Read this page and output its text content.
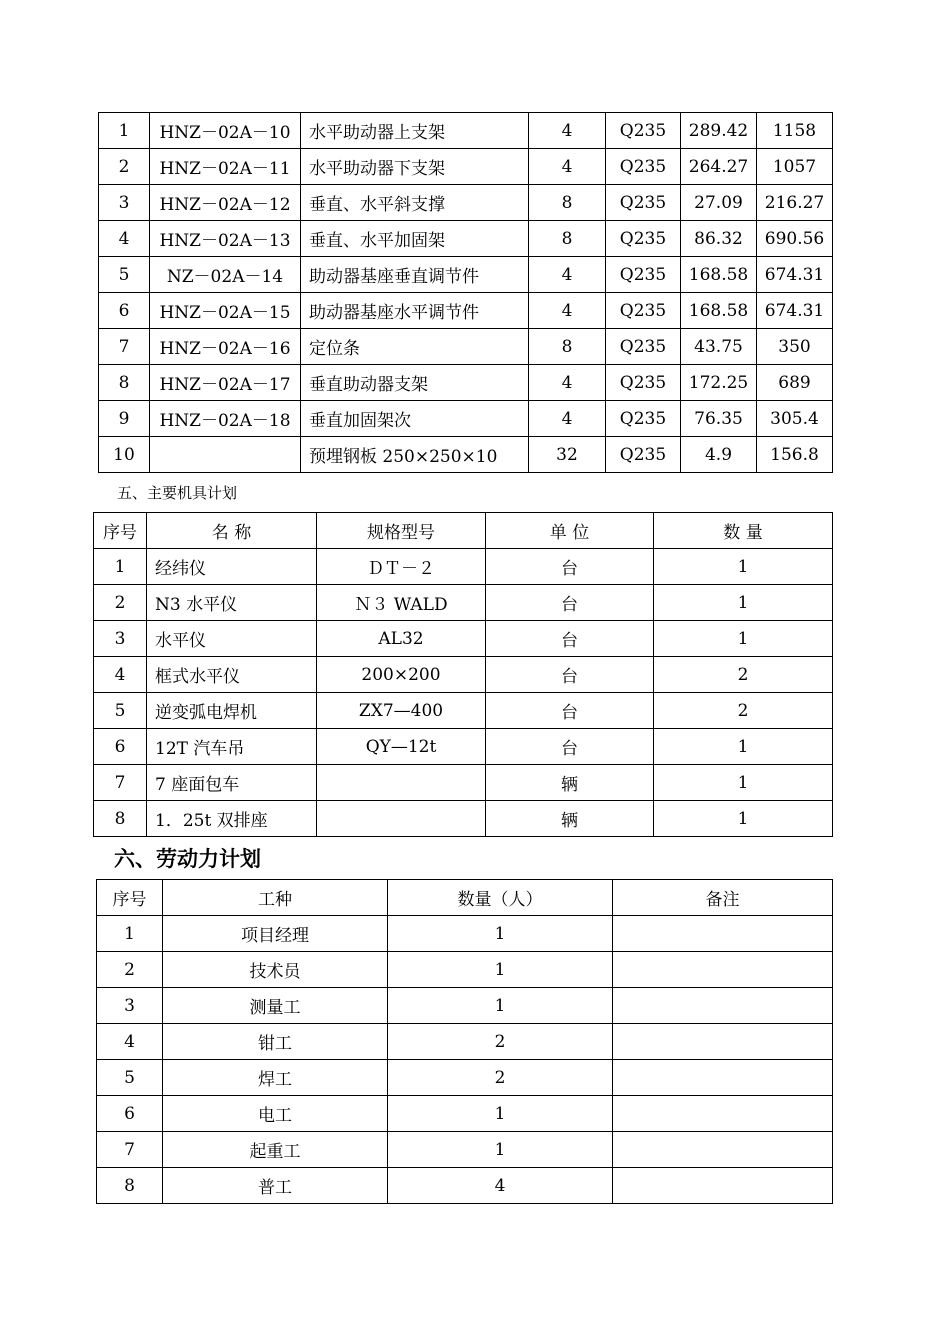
1	HNZ－02A－10	水平助动器上支架	4	Q235	289.42	1158
2	HNZ－02A－11	水平助动器下支架	4	Q235	264.27	1057
3	HNZ－02A－12	垂直、水平斜支撑	8	Q235	27.09	216.27
4	HNZ－02A－13	垂直、水平加固架	8	Q235	86.32	690.56
5	NZ－02A－14	助动器基座垂直调节件	4	Q235	168.58	674.31
6	HNZ－02A－15	助动器基座水平调节件	4	Q235	168.58	674.31
7	HNZ－02A－16	定位条	8	Q235	43.75	350
8	HNZ－02A－17	垂直助动器支架	4	Q235	172.25	689
9	HNZ－02A－18	垂直加固架次	4	Q235	76.35	305.4
10		预埋钢板 250×250×10	32	Q235	4.9	156.8
五、主要机具计划
序号	名 称	规格型号	单 位	数 量
1	经纬仪	ＤＴ－２	台	1
2	N3 水平仪	Ｎ３ WALD	台	1
3	水平仪	AL32	台	1
4	框式水平仪	200×200	台	2
5	逆变弧电焊机	ZX7—400	台	2
6	12T 汽车吊	QY—12t	台	1
7	7 座面包车		辆	1
8	1．25t 双排座		辆	1
六、劳动力计划
序号	工种	数量（人）	备注
1	项目经理	1	
2	技术员	1	
3	测量工	1	
4	钳工	2	
5	焊工	2	
6	电工	1	
7	起重工	1	
8	普工	4	
